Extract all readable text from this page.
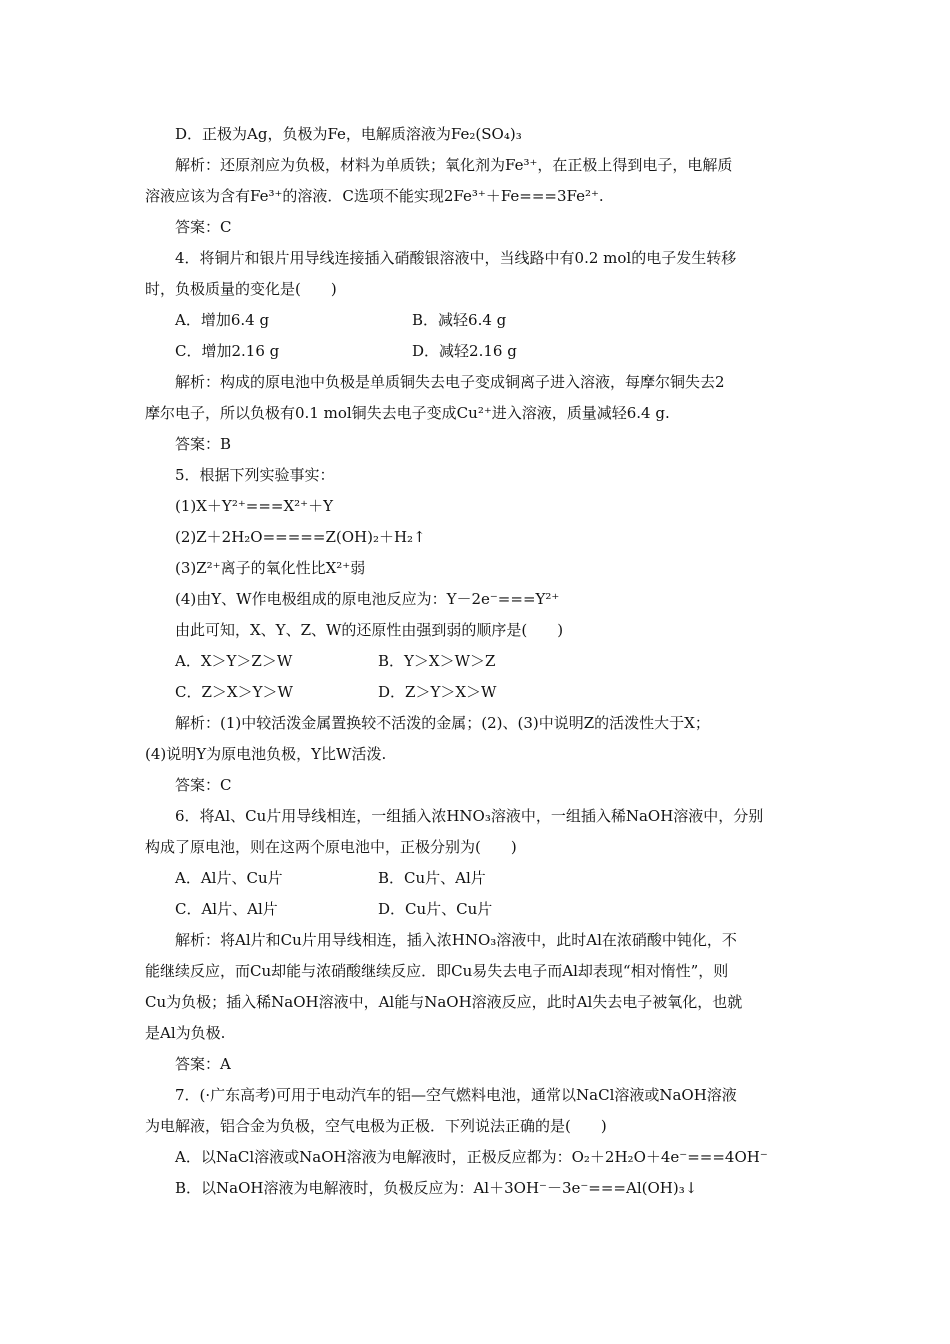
D．正极为Ag，负极为Fe，电解质溶液为Fe₂(SO₄)₃
解析：还原剂应为负极，材料为单质铁；氧化剂为Fe³⁺，在正极上得到电子，电解质
溶液应该为含有Fe³⁺的溶液．C选项不能实现2Fe³⁺＋Fe===3Fe²⁺.
答案：C
4．将铜片和银片用导线连接插入硝酸银溶液中，当线路中有0.2 mol的电子发生转移
时，负极质量的变化是(　　)
A．增加6.4 g	B．减轻6.4 g
C．增加2.16 g	D．减轻2.16 g
解析：构成的原电池中负极是单质铜失去电子变成铜离子进入溶液，每摩尔铜失去2
摩尔电子，所以负极有0.1 mol铜失去电子变成Cu²⁺进入溶液，质量减轻6.4 g.
答案：B
5．根据下列实验事实：
(1)X＋Y²⁺===X²⁺＋Y
(2)Z＋2H₂O=====Z(OH)₂＋H₂↑
(3)Z²⁺离子的氧化性比X²⁺弱
(4)由Y、W作电极组成的原电池反应为：Y－2e⁻===Y²⁺
由此可知，X、Y、Z、W的还原性由强到弱的顺序是(　　)
A．X＞Y＞Z＞W	B．Y＞X＞W＞Z
C．Z＞X＞Y＞W	D．Z＞Y＞X＞W
解析：(1)中较活泼金属置换较不活泼的金属；(2)、(3)中说明Z的活泼性大于X；
(4)说明Y为原电池负极，Y比W活泼.
答案：C
6．将Al、Cu片用导线相连，一组插入浓HNO₃溶液中，一组插入稀NaOH溶液中，分别
构成了原电池，则在这两个原电池中，正极分别为(　　)
A．Al片、Cu片	B．Cu片、Al片
C．Al片、Al片	D．Cu片、Cu片
解析：将Al片和Cu片用导线相连，插入浓HNO₃溶液中，此时Al在浓硝酸中钝化，不
能继续反应，而Cu却能与浓硝酸继续反应．即Cu易失去电子而Al却表现“相对惰性”，则
Cu为负极；插入稀NaOH溶液中，Al能与NaOH溶液反应，此时Al失去电子被氧化，也就
是Al为负极.
答案：A
7．(·广东高考)可用于电动汽车的铝—空气燃料电池，通常以NaCl溶液或NaOH溶液
为电解液，铝合金为负极，空气电极为正极．下列说法正确的是(　　)
A．以NaCl溶液或NaOH溶液为电解液时，正极反应都为：O₂＋2H₂O＋4e⁻===4OH⁻
B．以NaOH溶液为电解液时，负极反应为：Al＋3OH⁻－3e⁻===Al(OH)₃↓
